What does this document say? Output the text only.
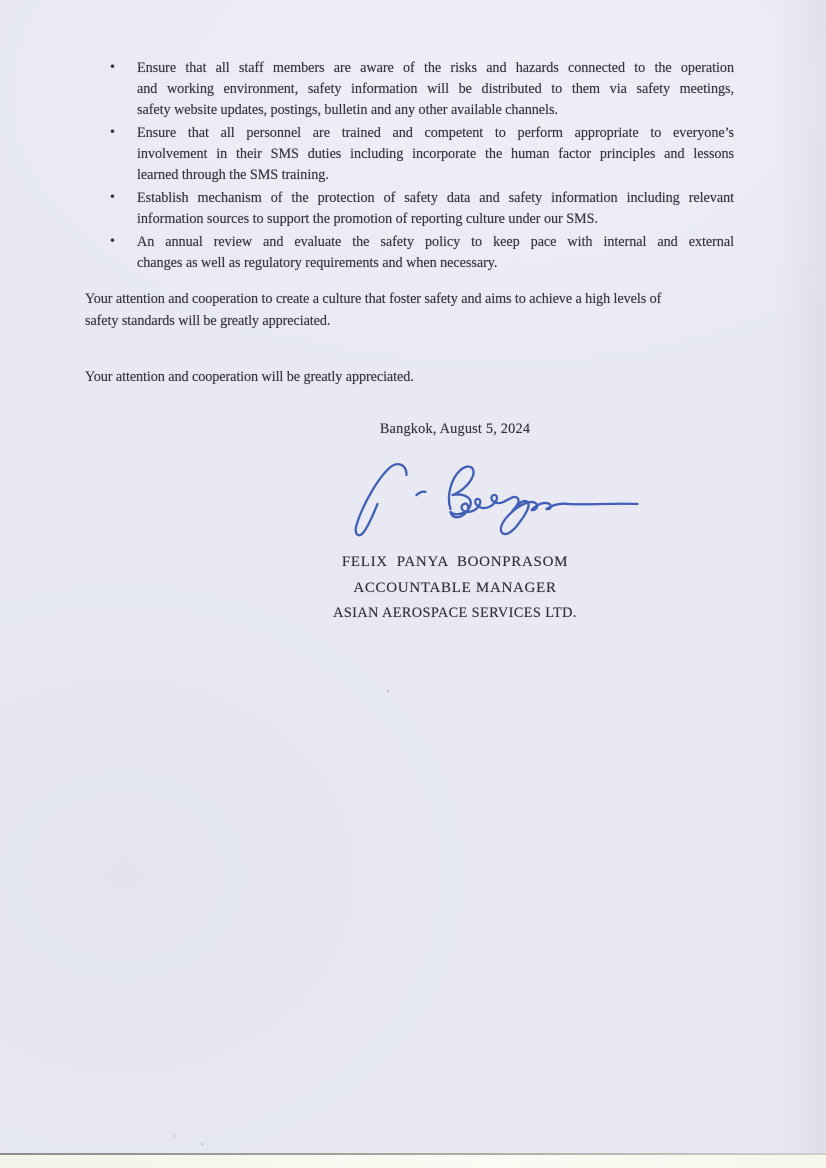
• Ensure that all staff members are aware of the risks and hazards connected to the operation
and working environment, safety information will be distributed to them via safety meetings,
safety website updates, postings, bulletin and any other available channels.
• Ensure that all personnel are trained and competent to perform appropriate to everyone’s
involvement in their SMS duties including incorporate the human factor principles and lessons
learned through the SMS training.
• Establish mechanism of the protection of safety data and safety information including relevant
information sources to support the promotion of reporting culture under our SMS.
• An annual review and evaluate the safety policy to keep pace with internal and external
changes as well as regulatory requirements and when necessary.
Your attention and cooperation to create a culture that foster safety and aims to achieve a high levels of
safety standards will be greatly appreciated.
Your attention and cooperation will be greatly appreciated.
Bangkok, August 5, 2024
FELIX  PANYA  BOONPRASOM
ACCOUNTABLE MANAGER
ASIAN AEROSPACE SERVICES LTD.
